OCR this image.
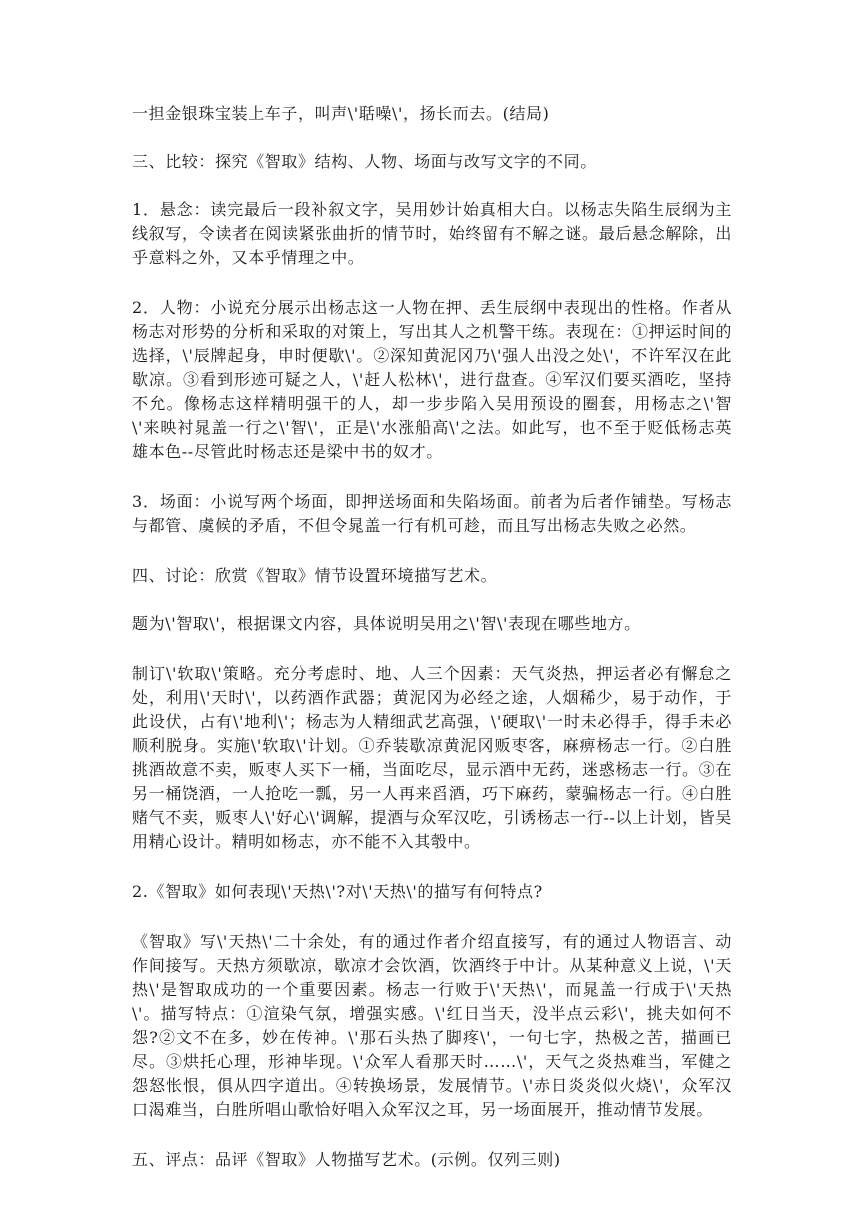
一担金银珠宝装上车子，叫声\'聒噪\'，扬长而去。(结局)

三、比较：探究《智取》结构、人物、场面与改写文字的不同。

1．悬念：读完最后一段补叙文字，吴用妙计始真相大白。以杨志失陷生辰纲为主线叙写，令读者在阅读紧张曲折的情节时，始终留有不解之谜。最后悬念解除，出乎意料之外，又本乎情理之中。

2．人物：小说充分展示出杨志这一人物在押、丢生辰纲中表现出的性格。作者从杨志对形势的分析和采取的对策上，写出其人之机警干练。表现在：①押运时间的选择，\'辰牌起身，申时便歇\'。②深知黄泥冈乃\'强人出没之处\'，不许军汉在此歇凉。③看到形迹可疑之人，\'赶人松林\'，进行盘查。④军汉们要买酒吃，坚持不允。像杨志这样精明强干的人，却一步步陷入吴用预设的圈套，用杨志之\'智\'来映衬晁盖一行之\'智\'，正是\'水涨船高\'之法。如此写，也不至于贬低杨志英雄本色--尽管此时杨志还是梁中书的奴才。

3．场面：小说写两个场面，即押送场面和失陷场面。前者为后者作铺垫。写杨志与都管、虞候的矛盾，不但令晁盖一行有机可趁，而且写出杨志失败之必然。

四、讨论：欣赏《智取》情节设置环境描写艺术。

题为\'智取\'，根据课文内容，具体说明吴用之\'智\'表现在哪些地方。

制订\'软取\'策略。充分考虑时、地、人三个因素：天气炎热，押运者必有懈怠之处，利用\'天时\'，以药酒作武器；黄泥冈为必经之途，人烟稀少，易于动作，于此设伏，占有\'地利\'；杨志为人精细武艺高强，\'硬取\'一时未必得手，得手未必顺利脱身。实施\'软取\'计划。①乔装歇凉黄泥冈贩枣客，麻痹杨志一行。②白胜挑酒故意不卖，贩枣人买下一桶，当面吃尽，显示酒中无药，迷惑杨志一行。③在另一桶饶酒，一人抢吃一瓢，另一人再来舀酒，巧下麻药，蒙骗杨志一行。④白胜赌气不卖，贩枣人\'好心\'调解，提酒与众军汉吃，引诱杨志一行--以上计划，皆吴用精心设计。精明如杨志，亦不能不入其彀中。

2.《智取》如何表现\'天热\'?对\'天热\'的描写有何特点?

《智取》写\'天热\'二十余处，有的通过作者介绍直接写，有的通过人物语言、动作间接写。天热方须歇凉，歇凉才会饮酒，饮酒终于中计。从某种意义上说，\'天热\'是智取成功的一个重要因素。杨志一行败于\'天热\'，而晁盖一行成于\'天热\'。描写特点：①渲染气氛，增强实感。\'红日当天，没半点云彩\'，挑夫如何不怨?②文不在多，妙在传神。\'那石头热了脚疼\'，一句七字，热极之苦，描画已尽。③烘托心理，形神毕现。\'众军人看那天时……\'，天气之炎热难当，军健之怨怒怅恨，俱从四字道出。④转换场景，发展情节。\'赤日炎炎似火烧\'，众军汉口渴难当，白胜所唱山歌恰好唱入众军汉之耳，另一场面展开，推动情节发展。

五、评点：品评《智取》人物描写艺术。(示例。仅列三则)
